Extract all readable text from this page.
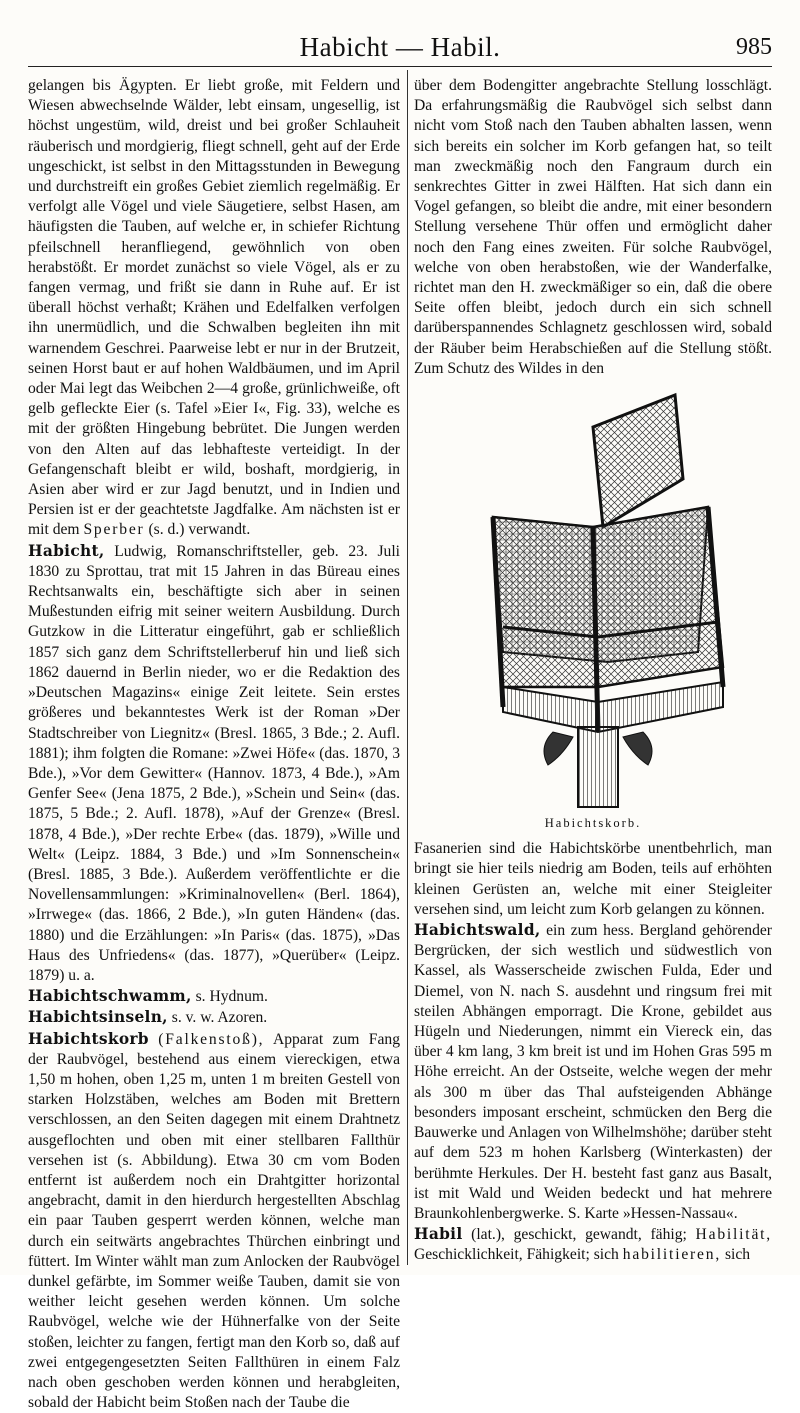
Habicht — Habil.	985

gelangen bis Ägypten. Er liebt große, mit Feldern und Wiesen abwechselnde Wälder, lebt einsam, ungesellig, ist höchst ungestüm, wild, dreist und bei großer Schlauheit räuberisch und mordgierig, fliegt schnell, geht auf der Erde ungeschickt, ist selbst in den Mittagsstunden in Bewegung und durchstreift ein großes Gebiet ziemlich regelmäßig. Er verfolgt alle Vögel und viele Säugetiere, selbst Hasen, am häufigsten die Tauben, auf welche er, in schiefer Richtung pfeilschnell heranfliegend, gewöhnlich von oben herabstößt. Er mordet zunächst so viele Vögel, als er zu fangen vermag, und frißt sie dann in Ruhe auf. Er ist überall höchst verhaßt; Krähen und Edelfalken verfolgen ihn unermüdlich, und die Schwalben begleiten ihn mit warnendem Geschrei. Paarweise lebt er nur in der Brutzeit, seinen Horst baut er auf hohen Waldbäumen, und im April oder Mai legt das Weibchen 2—4 große, grünlichweiße, oft gelb gefleckte Eier (s. Tafel »Eier I«, Fig. 33), welche es mit der größten Hingebung bebrütet. Die Jungen werden von den Alten auf das lebhafteste verteidigt. In der Gefangenschaft bleibt er wild, boshaft, mordgierig, in Asien aber wird er zur Jagd benutzt, und in Indien und Persien ist er der geachtetste Jagdfalke. Am nächsten ist er mit dem Sperber (s. d.) verwandt.

Habicht, Ludwig, Romanschriftsteller, geb. 23. Juli 1830 zu Sprottau, trat mit 15 Jahren in das Büreau eines Rechtsanwalts ein, beschäftigte sich aber in seinen Mußestunden eifrig mit seiner weitern Ausbildung. Durch Gutzkow in die Litteratur eingeführt, gab er schließlich 1857 sich ganz dem Schriftstellerberuf hin und ließ sich 1862 dauernd in Berlin nieder, wo er die Redaktion des »Deutschen Magazins« einige Zeit leitete. Sein erstes größeres und bekanntestes Werk ist der Roman »Der Stadtschreiber von Liegnitz« (Bresl. 1865, 3 Bde.; 2. Aufl. 1881); ihm folgten die Romane: »Zwei Höfe« (das. 1870, 3 Bde.), »Vor dem Gewitter« (Hannov. 1873, 4 Bde.), »Am Genfer See« (Jena 1875, 2 Bde.), »Schein und Sein« (das. 1875, 5 Bde.; 2. Aufl. 1878), »Auf der Grenze« (Bresl. 1878, 4 Bde.), »Der rechte Erbe« (das. 1879), »Wille und Welt« (Leipz. 1884, 3 Bde.) und »Im Sonnenschein« (Bresl. 1885, 3 Bde.). Außerdem veröffentlichte er die Novellensammlungen: »Kriminalnovellen« (Berl. 1864), »Irrwege« (das. 1866, 2 Bde.), »In guten Händen« (das. 1880) und die Erzählungen: »In Paris« (das. 1875), »Das Haus des Unfriedens« (das. 1877), »Querüber« (Leipz. 1879) u. a.

Habichtschwamm, s. Hydnum.

Habichtsinseln, s. v. w. Azoren.

Habichtskorb (Falkenstoß), Apparat zum Fang der Raubvögel, bestehend aus einem viereckigen, etwa 1,50 m hohen, oben 1,25 m, unten 1 m breiten Gestell von starken Holzstäben, welches am Boden mit Brettern verschlossen, an den Seiten dagegen mit einem Drahtnetz ausgeflochten und oben mit einer stellbaren Fallthür versehen ist (s. Abbildung). Etwa 30 cm vom Boden entfernt ist außerdem noch ein Drahtgitter horizontal angebracht, damit in den hierdurch hergestellten Abschlag ein paar Tauben gesperrt werden können, welche man durch ein seitwärts angebrachtes Thürchen einbringt und füttert. Im Winter wählt man zum Anlocken der Raubvögel dunkel gefärbte, im Sommer weiße Tauben, damit sie von weither leicht gesehen werden können. Um solche Raubvögel, welche wie der Hühnerfalke von der Seite stoßen, leichter zu fangen, fertigt man den Korb so, daß auf zwei entgegengesetzten Seiten Fallthüren in einem Falz nach oben geschoben werden können und herabgleiten, sobald der Habicht beim Stoßen nach der Taube die

über dem Bodengitter angebrachte Stellung losschlägt. Da erfahrungsmäßig die Raubvögel sich selbst dann nicht vom Stoß nach den Tauben abhalten lassen, wenn sich bereits ein solcher im Korb gefangen hat, so teilt man zweckmäßig noch den Fangraum durch ein senkrechtes Gitter in zwei Hälften. Hat sich dann ein Vogel gefangen, so bleibt die andre, mit einer besondern Stellung versehene Thür offen und ermöglicht daher noch den Fang eines zweiten. Für solche Raubvögel, welche von oben herabstoßen, wie der Wanderfalke, richtet man den H. zweckmäßiger so ein, daß die obere Seite offen bleibt, jedoch durch ein sich schnell darüberspannendes Schlagnetz geschlossen wird, sobald der Räuber beim Herabschießen auf die Stellung stößt. Zum Schutz des Wildes in den

Habichtskorb.

Fasanerien sind die Habichtskörbe unentbehrlich, man bringt sie hier teils niedrig am Boden, teils auf erhöhten kleinen Gerüsten an, welche mit einer Steigleiter versehen sind, um leicht zum Korb gelangen zu können.

Habichtswald, ein zum hess. Bergland gehörender Bergrücken, der sich westlich und südwestlich von Kassel, als Wasserscheide zwischen Fulda, Eder und Diemel, von N. nach S. ausdehnt und ringsum frei mit steilen Abhängen emporragt. Die Krone, gebildet aus Hügeln und Niederungen, nimmt ein Viereck ein, das über 4 km lang, 3 km breit ist und im Hohen Gras 595 m Höhe erreicht. An der Ostseite, welche wegen der mehr als 300 m über das Thal aufsteigenden Abhänge besonders imposant erscheint, schmücken den Berg die Bauwerke und Anlagen von Wilhelmshöhe; darüber steht auf dem 523 m hohen Karlsberg (Winterkasten) der berühmte Herkules. Der H. besteht fast ganz aus Basalt, ist mit Wald und Weiden bedeckt und hat mehrere Braunkohlenbergwerke. S. Karte »Hessen-Nassau«.

Habil (lat.), geschickt, gewandt, fähig; Habilität, Geschicklichkeit, Fähigkeit; sich habilitieren, sich
